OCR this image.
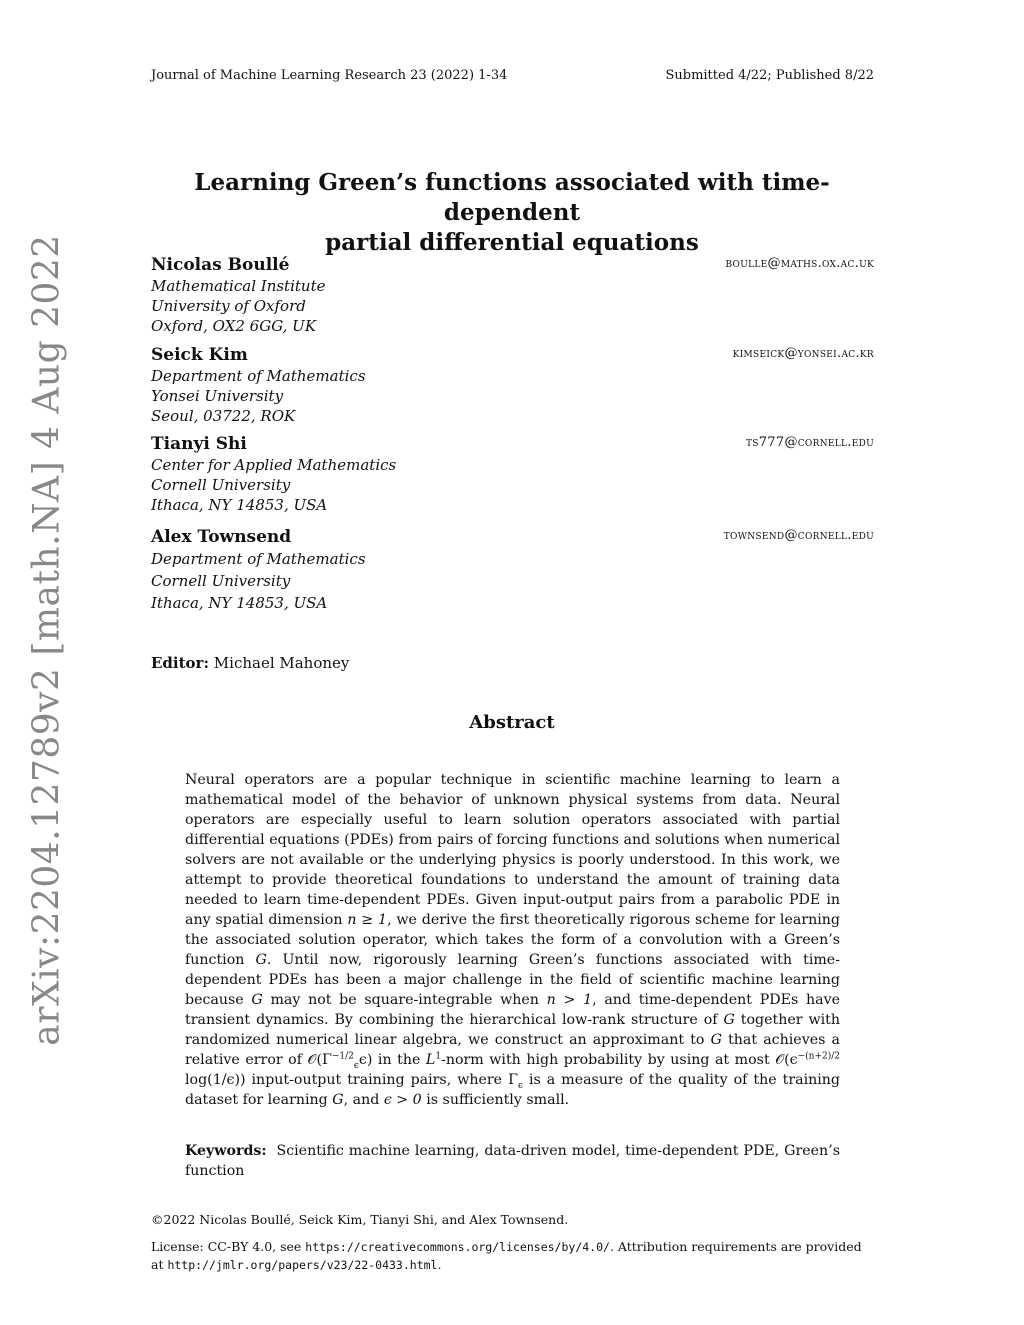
Journal of Machine Learning Research 23 (2022) 1-34	Submitted 4/22; Published 8/22
arXiv:2204.12789v2 [math.NA] 4 Aug 2022
Learning Green’s functions associated with time-dependent
partial differential equations
Nicolas Boullé	boulle@maths.ox.ac.uk
Mathematical Institute
University of Oxford
Oxford, OX2 6GG, UK
Seick Kim	kimseick@yonsei.ac.kr
Department of Mathematics
Yonsei University
Seoul, 03722, ROK
Tianyi Shi	ts777@cornell.edu
Center for Applied Mathematics
Cornell University
Ithaca, NY 14853, USA
Alex Townsend	townsend@cornell.edu
Department of Mathematics
Cornell University
Ithaca, NY 14853, USA
Editor: Michael Mahoney
Abstract

Neural operators are a popular technique in scientific machine learning to learn a mathematical model of the behavior of unknown physical systems from data. Neural operators are especially useful to learn solution operators associated with partial differential equations (PDEs) from pairs of forcing functions and solutions when numerical solvers are not available or the underlying physics is poorly understood. In this work, we attempt to provide theoretical foundations to understand the amount of training data needed to learn time-dependent PDEs. Given input-output pairs from a parabolic PDE in any spatial dimension n ≥ 1, we derive the first theoretically rigorous scheme for learning the associated solution operator, which takes the form of a convolution with a Green’s function G. Until now, rigorously learning Green’s functions associated with time-dependent PDEs has been a major challenge in the field of scientific machine learning because G may not be square-integrable when n > 1, and time-dependent PDEs have transient dynamics. By combining the hierarchical low-rank structure of G together with randomized numerical linear algebra, we construct an approximant to G that achieves a relative error of $𝒪(\Gamma^{-1/2}_\epsilon\epsilon)$ in the $L^1$-norm with high probability by using at most $𝒪(\epsilon^{-(n+2)/2}$ log(1/ϵ)) input-output training pairs, where $\Gamma_\epsilon$ is a measure of the quality of the training dataset for learning G, and ϵ > 0 is sufficiently small.

Keywords: Scientific machine learning, data-driven model, time-dependent PDE, Green’s function

©2022 Nicolas Boullé, Seick Kim, Tianyi Shi, and Alex Townsend.
License: CC-BY 4.0, see https://creativecommons.org/licenses/by/4.0/. Attribution requirements are provided at http://jmlr.org/papers/v23/22-0433.html.
